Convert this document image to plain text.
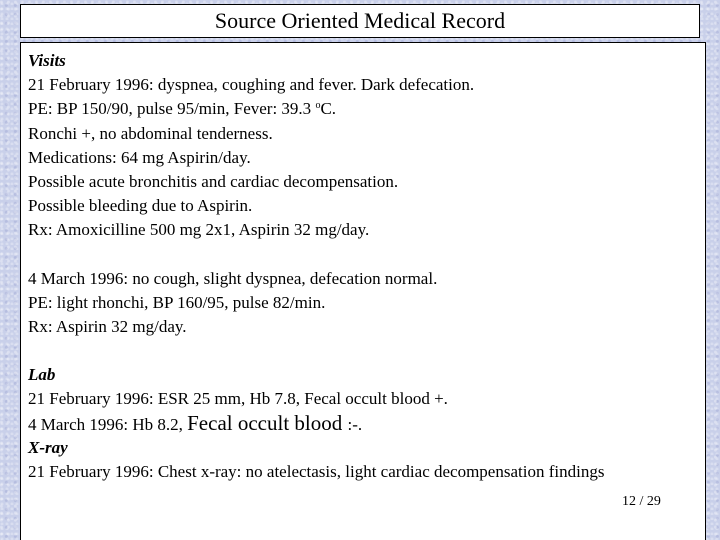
Source Oriented Medical Record
Visits
21 February 1996: dyspnea, coughing and fever. Dark defecation.
PE: BP 150/90, pulse 95/min, Fever: 39.3 $^o$C.
Ronchi +, no abdominal tenderness.
Medications: 64 mg Aspirin/day.
Possible acute bronchitis and cardiac decompensation.
Possible bleeding due to Aspirin.
Rx: Amoxicilline 500 mg 2x1, Aspirin 32 mg/day.
4 March 1996: no cough, slight dyspnea, defecation normal.
PE: light rhonchi, BP 160/95, pulse 82/min.
Rx: Aspirin 32 mg/day.
Lab
21 February 1996: ESR 25 mm, Hb 7.8, Fecal occult blood +.
4 March 1996: Hb 8.2, Fecal occult blood :-.
X-ray
21 February 1996: Chest x-ray: no atelectasis, light cardiac decompensation findings
12 / 29
